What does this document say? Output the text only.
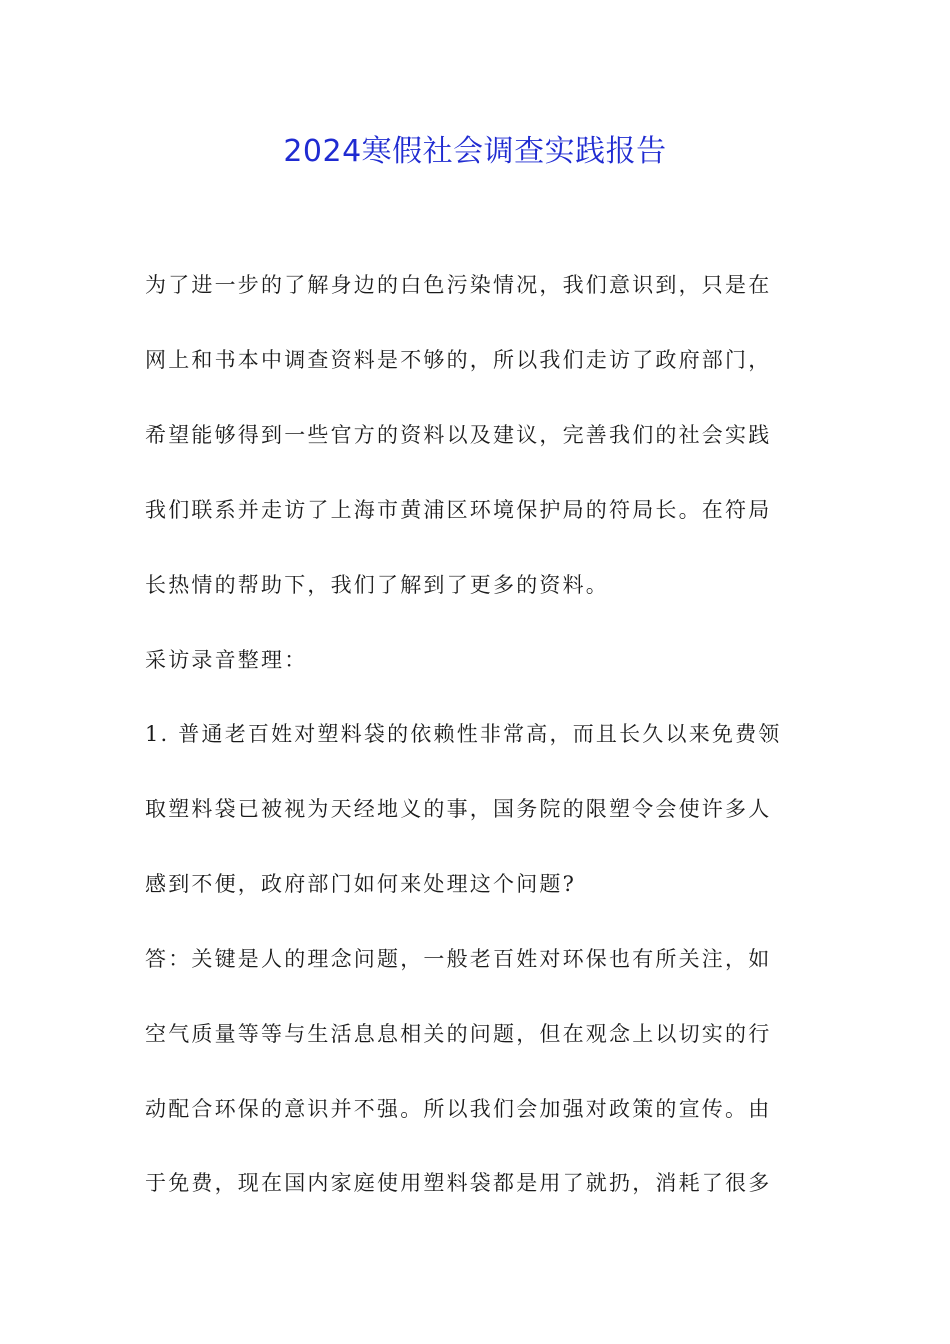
2024寒假社会调查实践报告
为了进一步的了解身边的白色污染情况，我们意识到，只是在
网上和书本中调查资料是不够的，所以我们走访了政府部门，
希望能够得到一些官方的资料以及建议，完善我们的社会实践
我们联系并走访了上海市黄浦区环境保护局的符局长。在符局
长热情的帮助下，我们了解到了更多的资料。
采访录音整理：
1. 普通老百姓对塑料袋的依赖性非常高，而且长久以来免费领
取塑料袋已被视为天经地义的事，国务院的限塑令会使许多人
感到不便，政府部门如何来处理这个问题?
答：关键是人的理念问题，一般老百姓对环保也有所关注，如
空气质量等等与生活息息相关的问题，但在观念上以切实的行
动配合环保的意识并不强。所以我们会加强对政策的宣传。由
于免费，现在国内家庭使用塑料袋都是用了就扔，消耗了很多
